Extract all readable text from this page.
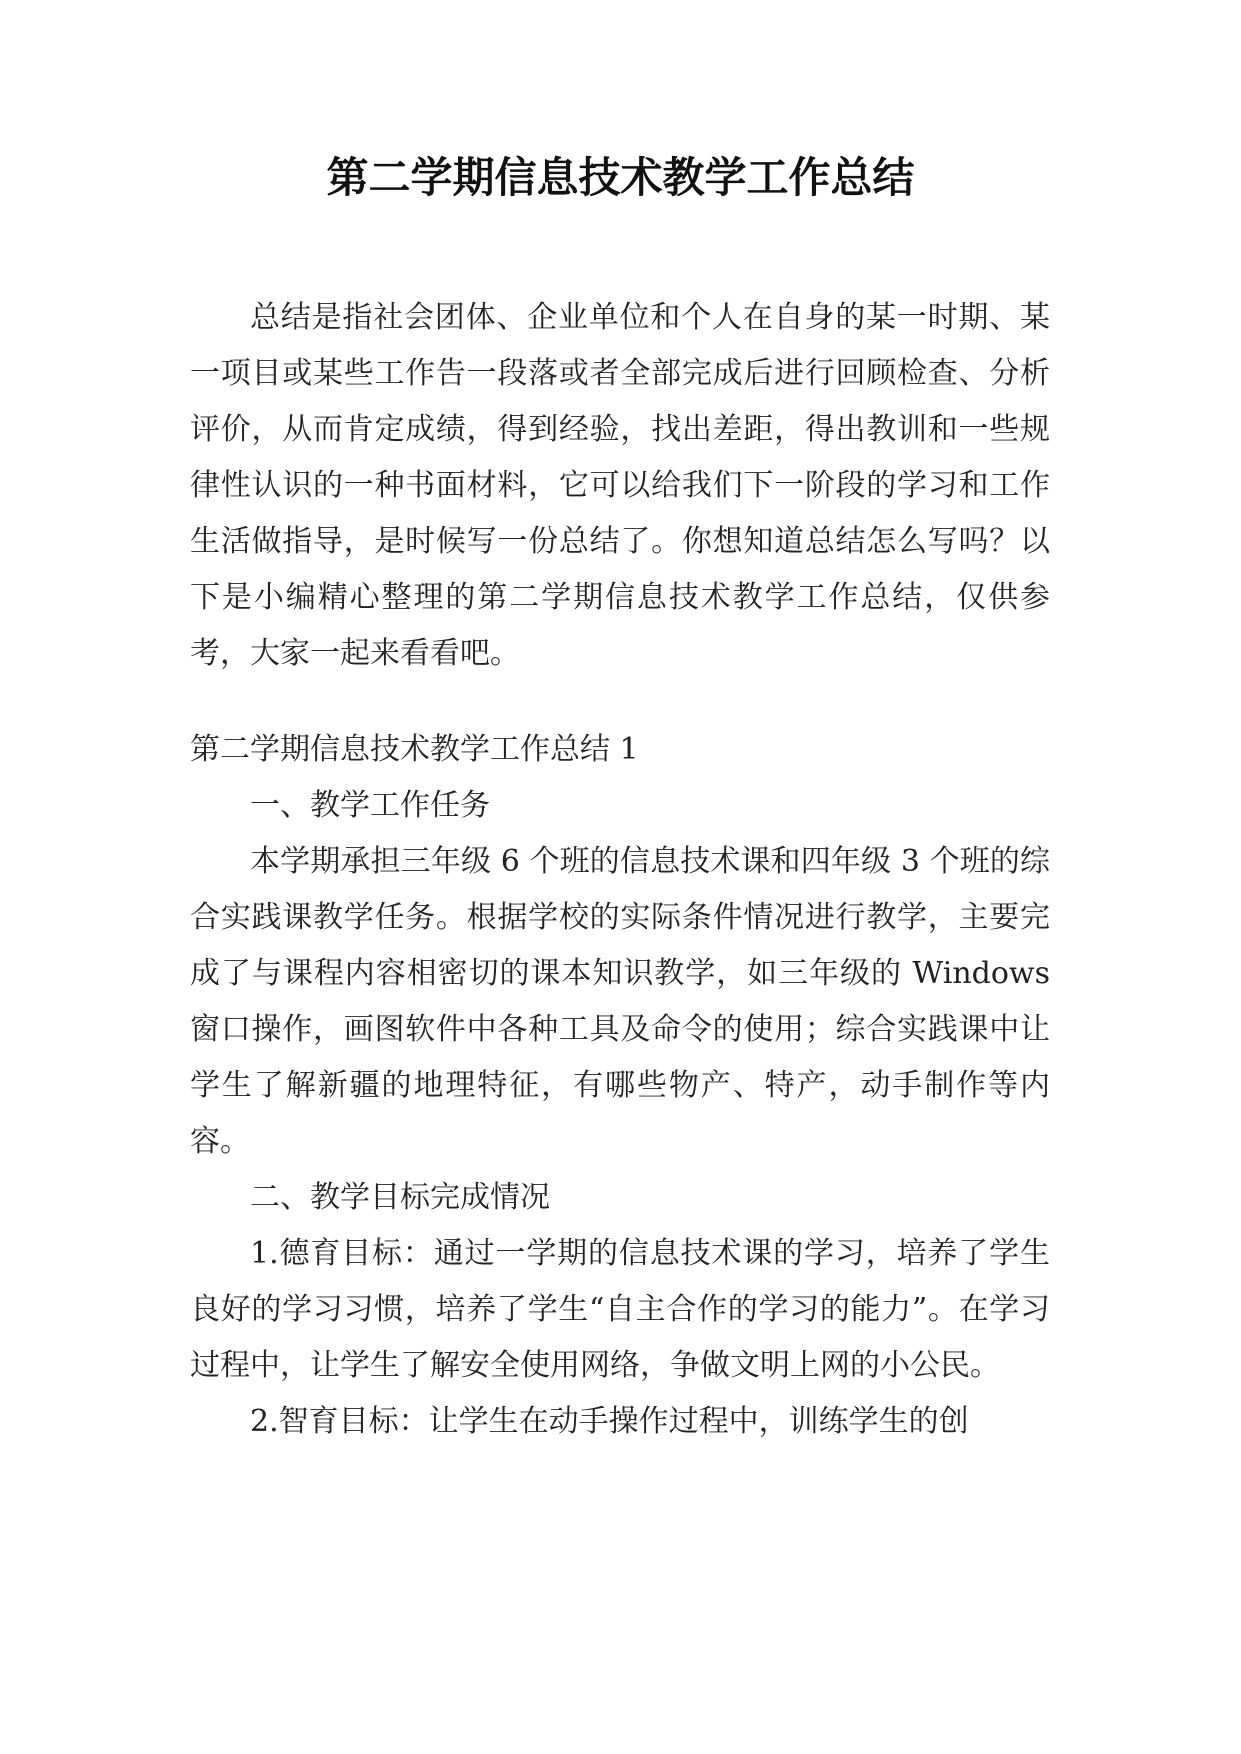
第二学期信息技术教学工作总结

总结是指社会团体、企业单位和个人在自身的某一时期、某一项目或某些工作告一段落或者全部完成后进行回顾检查、分析评价，从而肯定成绩，得到经验，找出差距，得出教训和一些规律性认识的一种书面材料，它可以给我们下一阶段的学习和工作生活做指导，是时候写一份总结了。你想知道总结怎么写吗？以下是小编精心整理的第二学期信息技术教学工作总结，仅供参考，大家一起来看看吧。

第二学期信息技术教学工作总结 1

一、教学工作任务

本学期承担三年级 6 个班的信息技术课和四年级 3 个班的综合实践课教学任务。根据学校的实际条件情况进行教学，主要完成了与课程内容相密切的课本知识教学，如三年级的 Windows 窗口操作，画图软件中各种工具及命令的使用；综合实践课中让学生了解新疆的地理特征，有哪些物产、特产，动手制作等内容。

二、教学目标完成情况

1.德育目标：通过一学期的信息技术课的学习，培养了学生良好的学习习惯，培养了学生“自主合作的学习的能力”。在学习过程中，让学生了解安全使用网络，争做文明上网的小公民。

2.智育目标：让学生在动手操作过程中，训练学生的创
